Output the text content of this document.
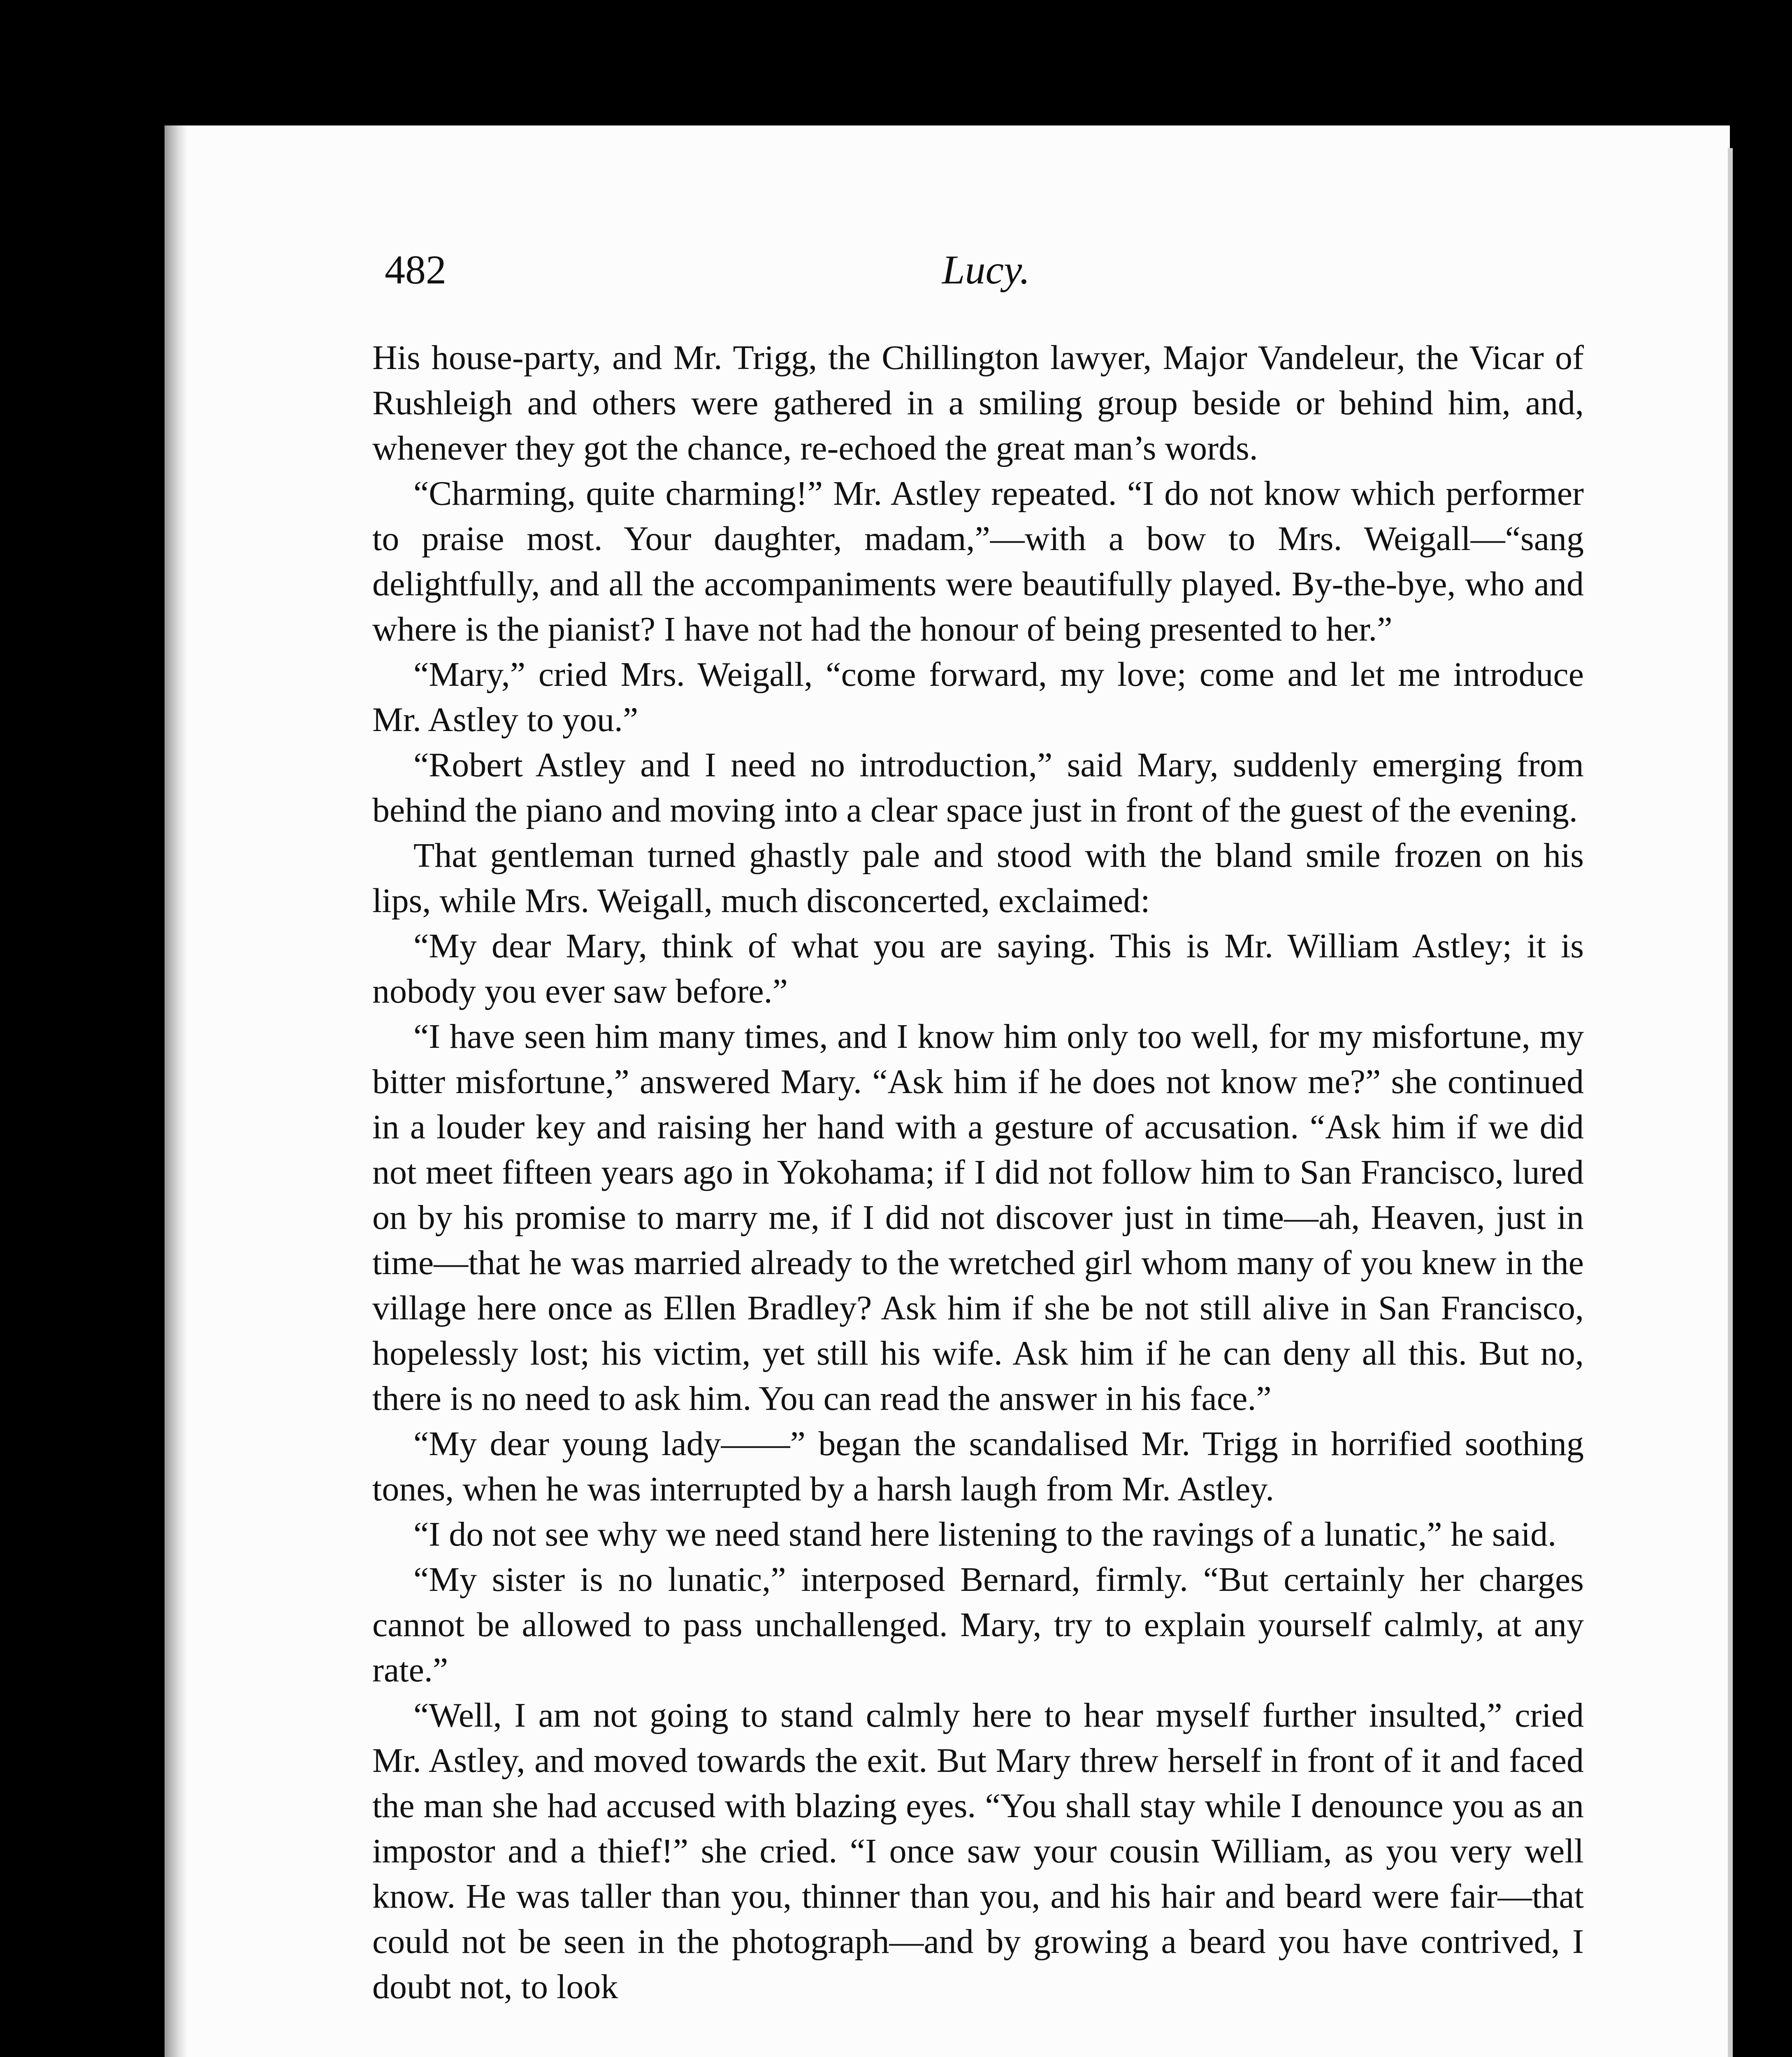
482	Lucy.

His house-party, and Mr. Trigg, the Chillington lawyer, Major Vandeleur, the Vicar of Rushleigh and others were gathered in a smiling group beside or behind him, and, whenever they got the chance, re-echoed the great man’s words.

“Charming, quite charming!” Mr. Astley repeated. “I do not know which performer to praise most. Your daughter, madam,”—with a bow to Mrs. Weigall—“sang delightfully, and all the accompaniments were beautifully played. By-the-bye, who and where is the pianist? I have not had the honour of being presented to her.”

“Mary,” cried Mrs. Weigall, “come forward, my love; come and let me introduce Mr. Astley to you.”

“Robert Astley and I need no introduction,” said Mary, suddenly emerging from behind the piano and moving into a clear space just in front of the guest of the evening.

That gentleman turned ghastly pale and stood with the bland smile frozen on his lips, while Mrs. Weigall, much disconcerted, exclaimed:

“My dear Mary, think of what you are saying. This is Mr. William Astley; it is nobody you ever saw before.”

“I have seen him many times, and I know him only too well, for my misfortune, my bitter misfortune,” answered Mary. “Ask him if he does not know me?” she continued in a louder key and raising her hand with a gesture of accusation. “Ask him if we did not meet fifteen years ago in Yokohama; if I did not follow him to San Francisco, lured on by his promise to marry me, if I did not discover just in time—ah, Heaven, just in time—that he was married already to the wretched girl whom many of you knew in the village here once as Ellen Bradley? Ask him if she be not still alive in San Francisco, hopelessly lost; his victim, yet still his wife. Ask him if he can deny all this. But no, there is no need to ask him. You can read the answer in his face.”

“My dear young lady——” began the scandalised Mr. Trigg in horrified soothing tones, when he was interrupted by a harsh laugh from Mr. Astley.

“I do not see why we need stand here listening to the ravings of a lunatic,” he said.

“My sister is no lunatic,” interposed Bernard, firmly. “But certainly her charges cannot be allowed to pass unchallenged. Mary, try to explain yourself calmly, at any rate.”

“Well, I am not going to stand calmly here to hear myself further insulted,” cried Mr. Astley, and moved towards the exit. But Mary threw herself in front of it and faced the man she had accused with blazing eyes. “You shall stay while I denounce you as an impostor and a thief!” she cried. “I once saw your cousin William, as you very well know. He was taller than you, thinner than you, and his hair and beard were fair—that could not be seen in the photograph—and by growing a beard you have contrived, I doubt not, to look
